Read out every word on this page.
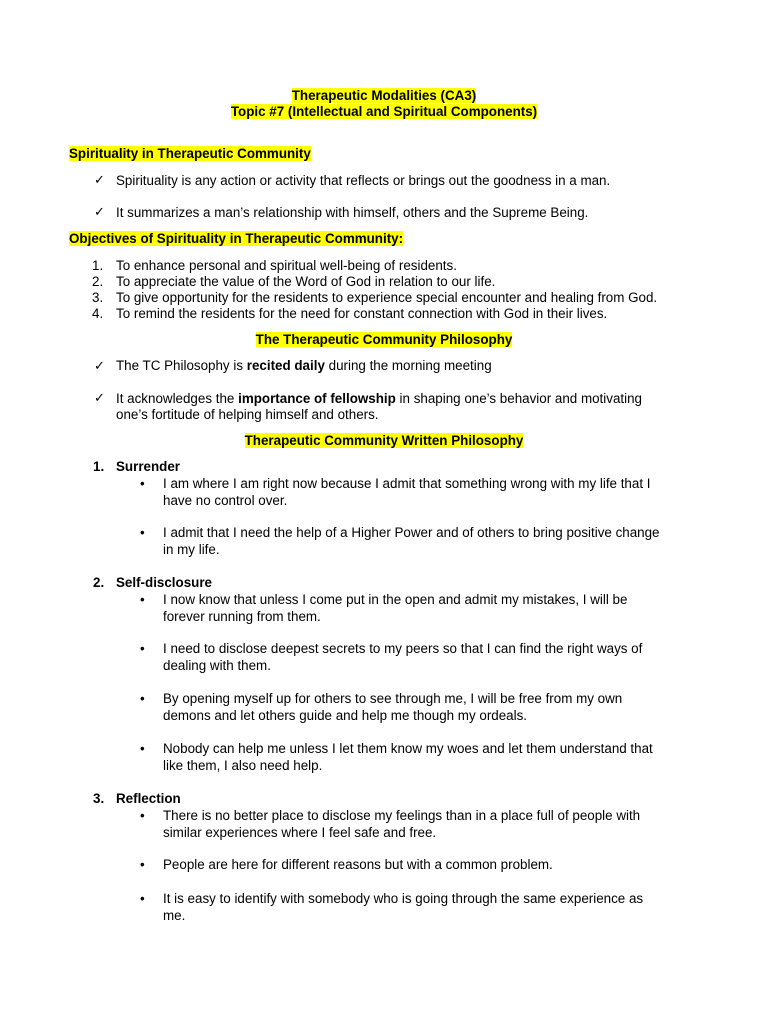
Therapeutic Modalities (CA3)
Topic #7 (Intellectual and Spiritual Components)
Spirituality in Therapeutic Community
✓ Spirituality is any action or activity that reflects or brings out the goodness in a man.
✓ It summarizes a man’s relationship with himself, others and the Supreme Being.
Objectives of Spirituality in Therapeutic Community:
1. To enhance personal and spiritual well-being of residents.
2. To appreciate the value of the Word of God in relation to our life.
3. To give opportunity for the residents to experience special encounter and healing from God.
4. To remind the residents for the need for constant connection with God in their lives.
The Therapeutic Community Philosophy
✓ The TC Philosophy is recited daily during the morning meeting
✓ It acknowledges the importance of fellowship in shaping one’s behavior and motivating
one’s fortitude of helping himself and others.
Therapeutic Community Written Philosophy
1. Surrender
• I am where I am right now because I admit that something wrong with my life that I
have no control over.
• I admit that I need the help of a Higher Power and of others to bring positive change
in my life.
2. Self-disclosure
• I now know that unless I come put in the open and admit my mistakes, I will be
forever running from them.
• I need to disclose deepest secrets to my peers so that I can find the right ways of
dealing with them.
• By opening myself up for others to see through me, I will be free from my own
demons and let others guide and help me though my ordeals.
• Nobody can help me unless I let them know my woes and let them understand that
like them, I also need help.
3. Reflection
• There is no better place to disclose my feelings than in a place full of people with
similar experiences where I feel safe and free.
• People are here for different reasons but with a common problem.
• It is easy to identify with somebody who is going through the same experience as
me.
